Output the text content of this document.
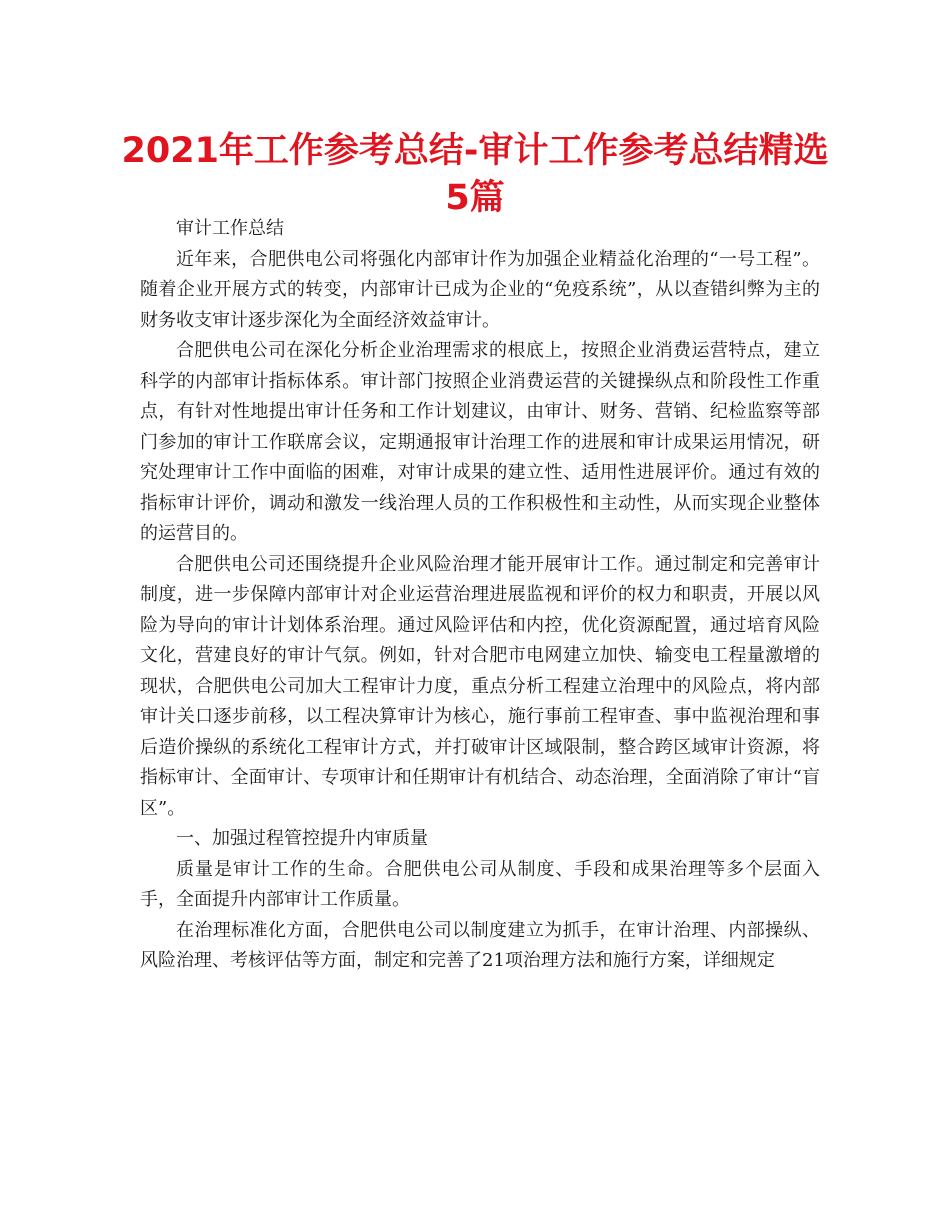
2021年工作参考总结-审计工作参考总结精选5篇

审计工作总结

近年来，合肥供电公司将强化内部审计作为加强企业精益化治理的“一号工程”。随着企业开展方式的转变，内部审计已成为企业的“免疫系统”，从以查错纠弊为主的财务收支审计逐步深化为全面经济效益审计。

合肥供电公司在深化分析企业治理需求的根底上，按照企业消费运营特点，建立科学的内部审计指标体系。审计部门按照企业消费运营的关键操纵点和阶段性工作重点，有针对性地提出审计任务和工作计划建议，由审计、财务、营销、纪检监察等部门参加的审计工作联席会议，定期通报审计治理工作的进展和审计成果运用情况，研究处理审计工作中面临的困难，对审计成果的建立性、适用性进展评价。通过有效的指标审计评价，调动和激发一线治理人员的工作积极性和主动性，从而实现企业整体的运营目的。

合肥供电公司还围绕提升企业风险治理才能开展审计工作。通过制定和完善审计制度，进一步保障内部审计对企业运营治理进展监视和评价的权力和职责，开展以风险为导向的审计计划体系治理。通过风险评估和内控，优化资源配置，通过培育风险文化，营建良好的审计气氛。例如，针对合肥市电网建立加快、输变电工程量激增的现状，合肥供电公司加大工程审计力度，重点分析工程建立治理中的风险点，将内部审计关口逐步前移，以工程决算审计为核心，施行事前工程审查、事中监视治理和事后造价操纵的系统化工程审计方式，并打破审计区域限制，整合跨区域审计资源，将指标审计、全面审计、专项审计和任期审计有机结合、动态治理，全面消除了审计“盲区”。

一、加强过程管控提升内审质量

质量是审计工作的生命。合肥供电公司从制度、手段和成果治理等多个层面入手，全面提升内部审计工作质量。

在治理标准化方面，合肥供电公司以制度建立为抓手，在审计治理、内部操纵、风险治理、考核评估等方面，制定和完善了21项治理方法和施行方案，详细规定
